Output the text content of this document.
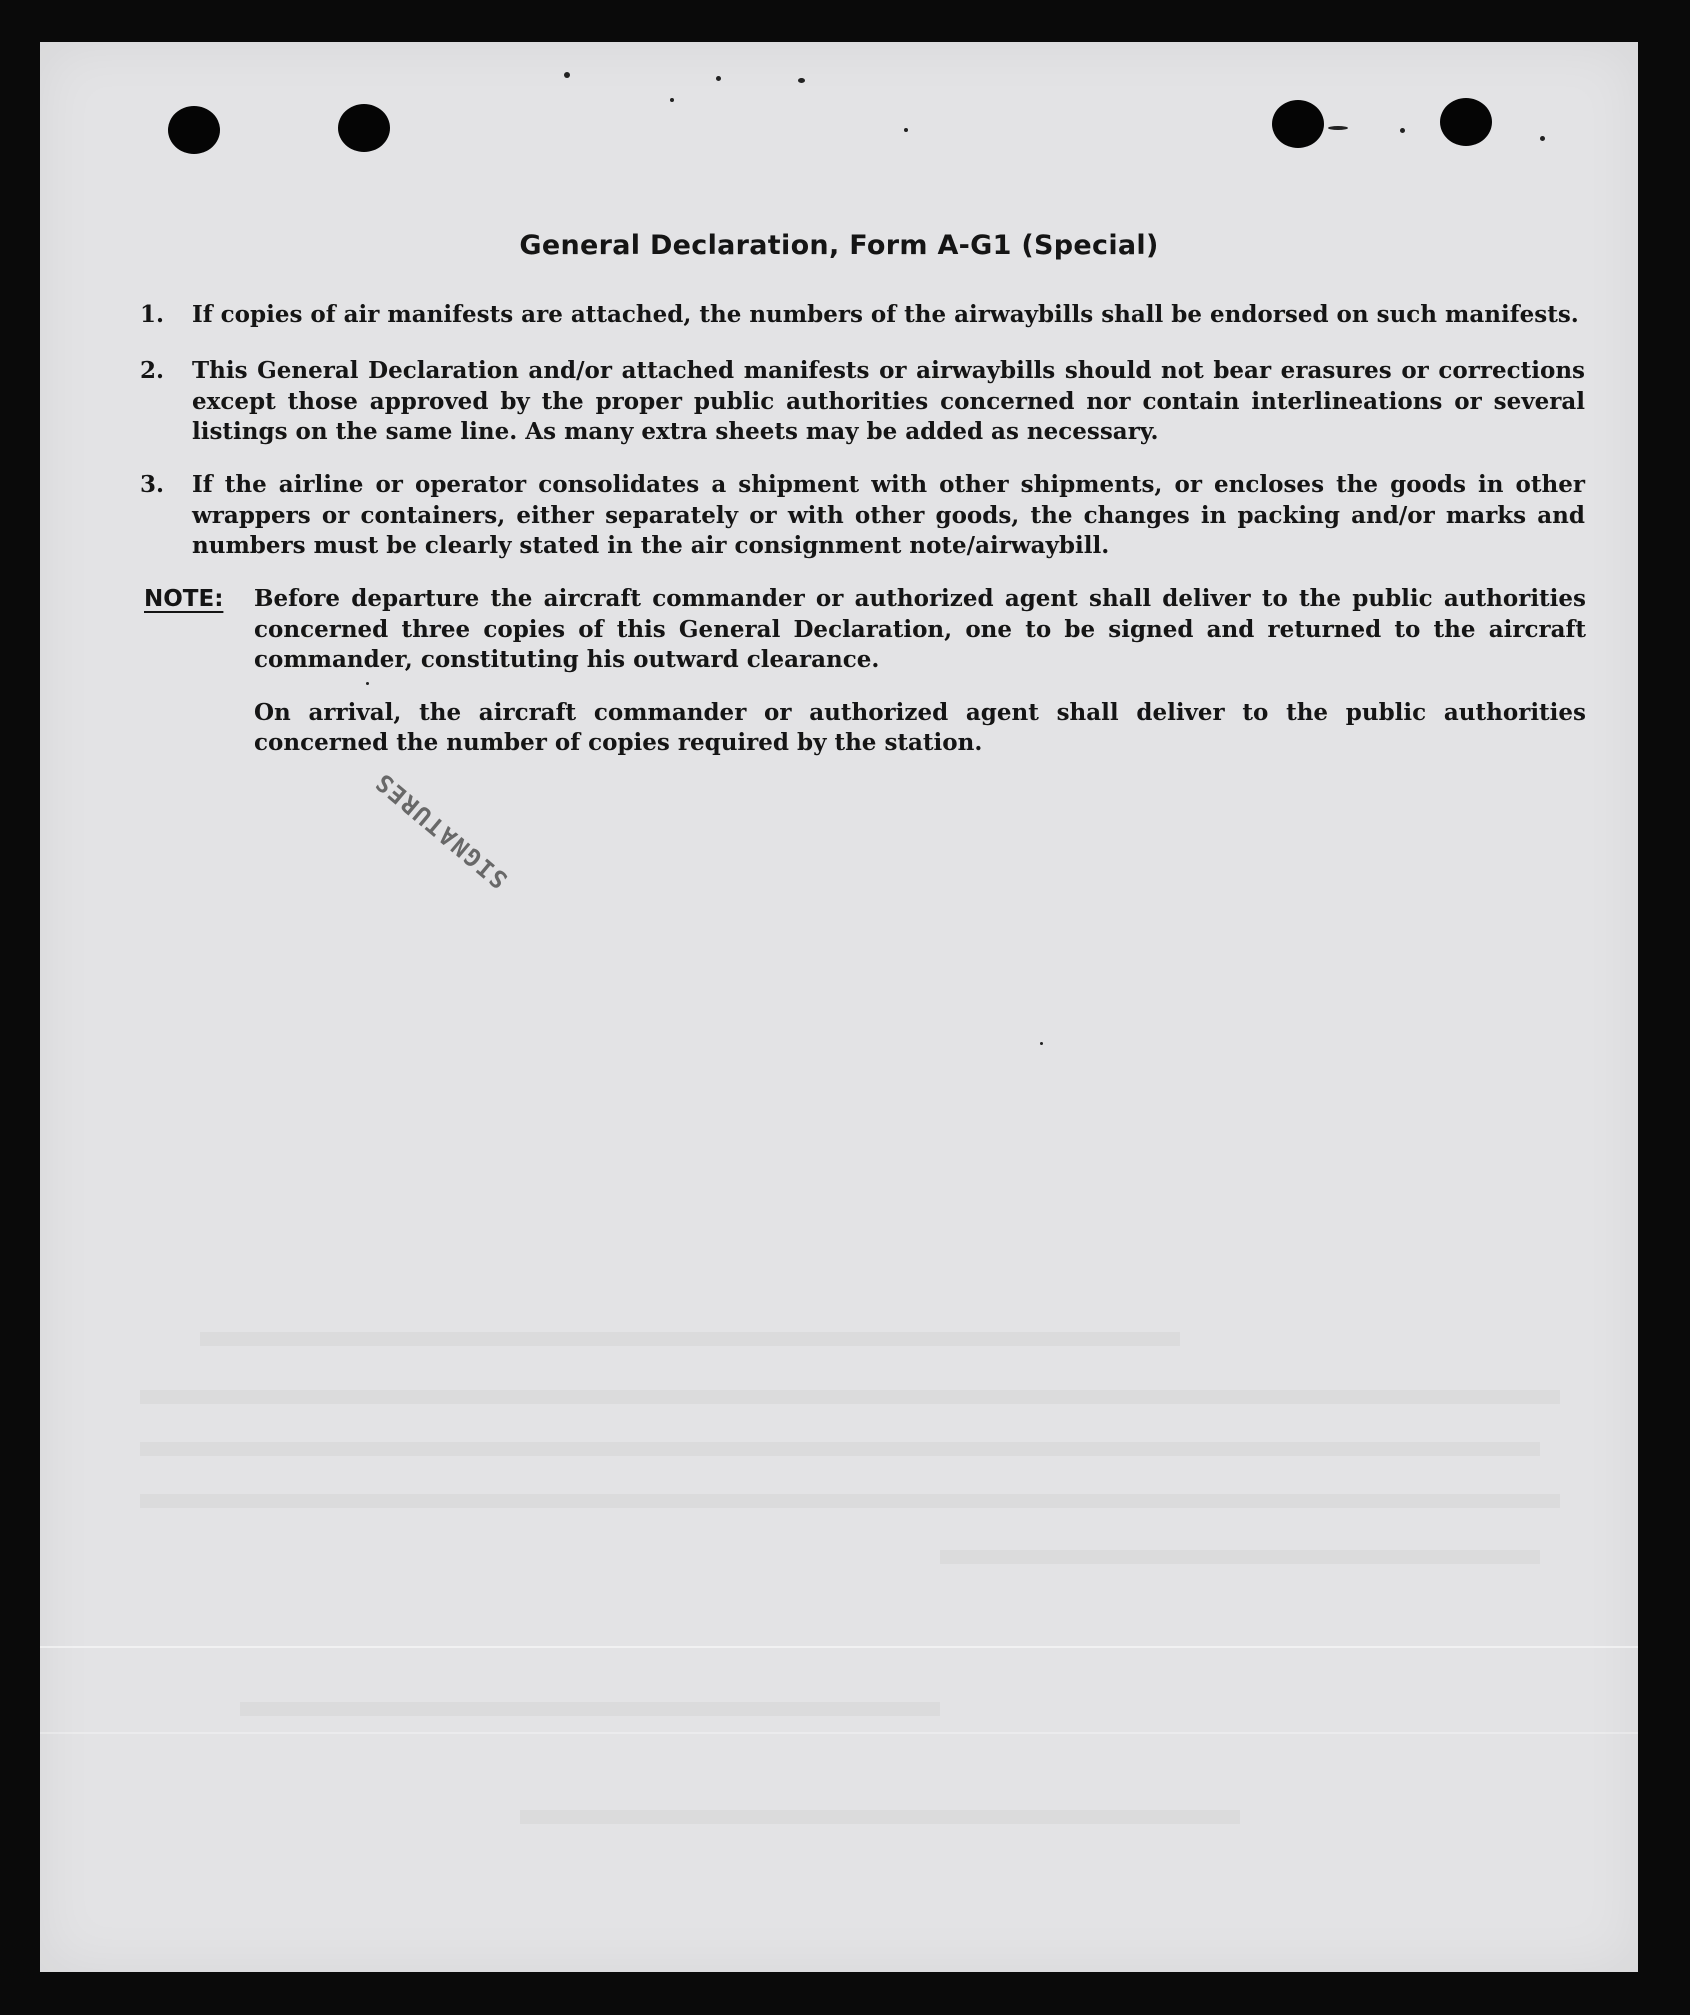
General Declaration, Form A-G1 (Special)
1.	If copies of air manifests are attached, the numbers of the airwaybills shall be endorsed on such manifests.
2.	This General Declaration and/or attached manifests or airwaybills should not bear erasures or corrections except those approved by the proper public authorities concerned nor contain interlineations or several listings on the same line. As many extra sheets may be added as necessary.
3.	If the airline or operator consolidates a shipment with other shipments, or encloses the goods in other wrappers or containers, either separately or with other goods, the changes in packing and/or marks and numbers must be clearly stated in the air consignment note/airwaybill.
NOTE: Before departure the aircraft commander or authorized agent shall deliver to the public authorities concerned three copies of this General Declaration, one to be signed and returned to the aircraft commander, constituting his outward clearance.
On arrival, the aircraft commander or authorized agent shall deliver to the public authorities concerned the number of copies required by the station.
SIGNATURES
